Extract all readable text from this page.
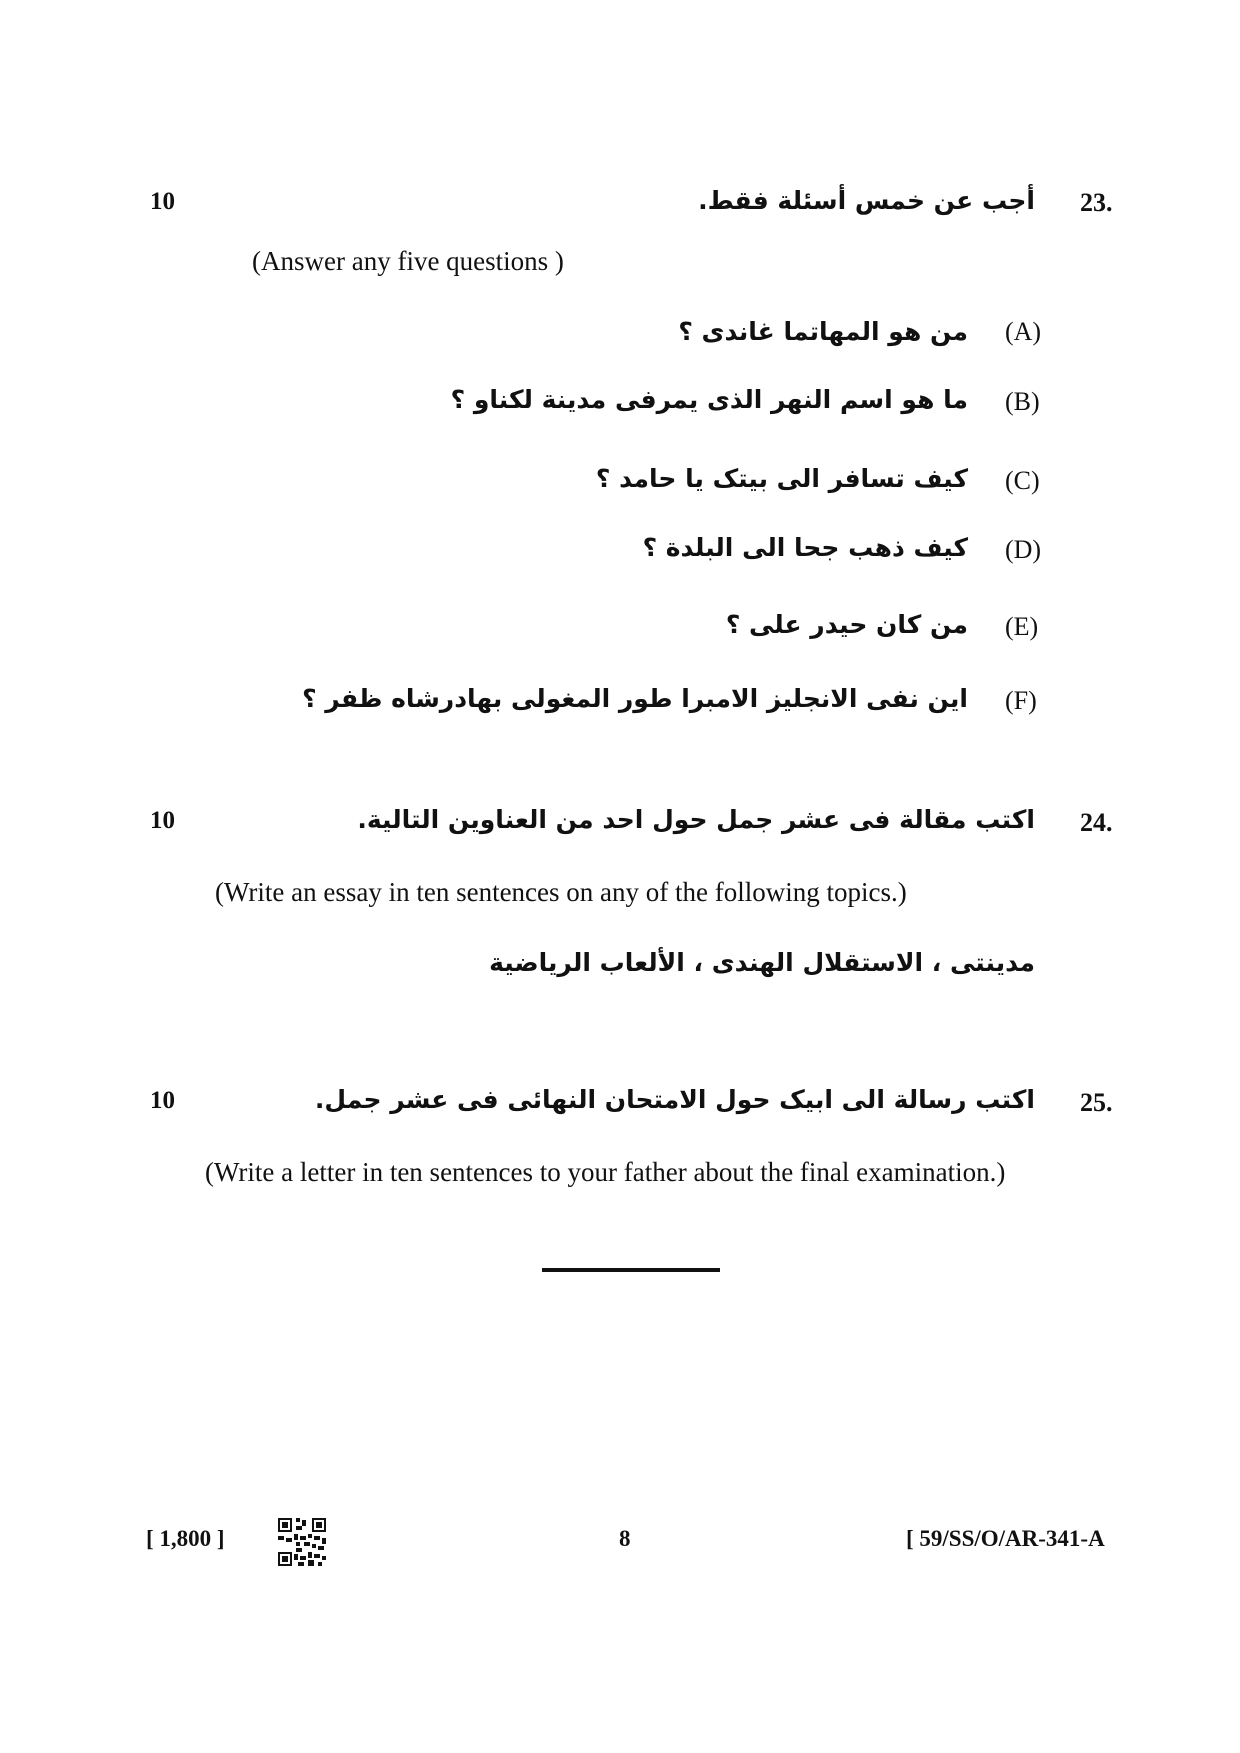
10	23.
أجب عن خمس أسئلة فقط.
(Answer any five questions )
(A)
من هو المهاتما غاندی ؟
(B)
ما هو اسم النهر الذی یمرفی مدینة لکناو ؟
(C)
کیف تسافر الی بیتک یا حامد ؟
(D)
کیف ذهب جحا الی البلدة ؟
(E)
من کان حیدر علی ؟
(F)
این نفی الانجلیز الامبرا طور المغولی بهادرشاه ظفر ؟
10	24.
اکتب مقالة فی عشر جمل حول احد من العناوین التالیة.
(Write an essay in ten sentences on any of the following topics.)
مدینتی ، الاستقلال الهندی ، الألعاب الریاضیة
10	25.
اکتب رسالة الی ابیک حول الامتحان النهائی فی عشر جمل.
(Write a letter in ten sentences to your father about the final examination.)
[ 1,800 ]	8	[ 59/SS/O/AR-341-A
